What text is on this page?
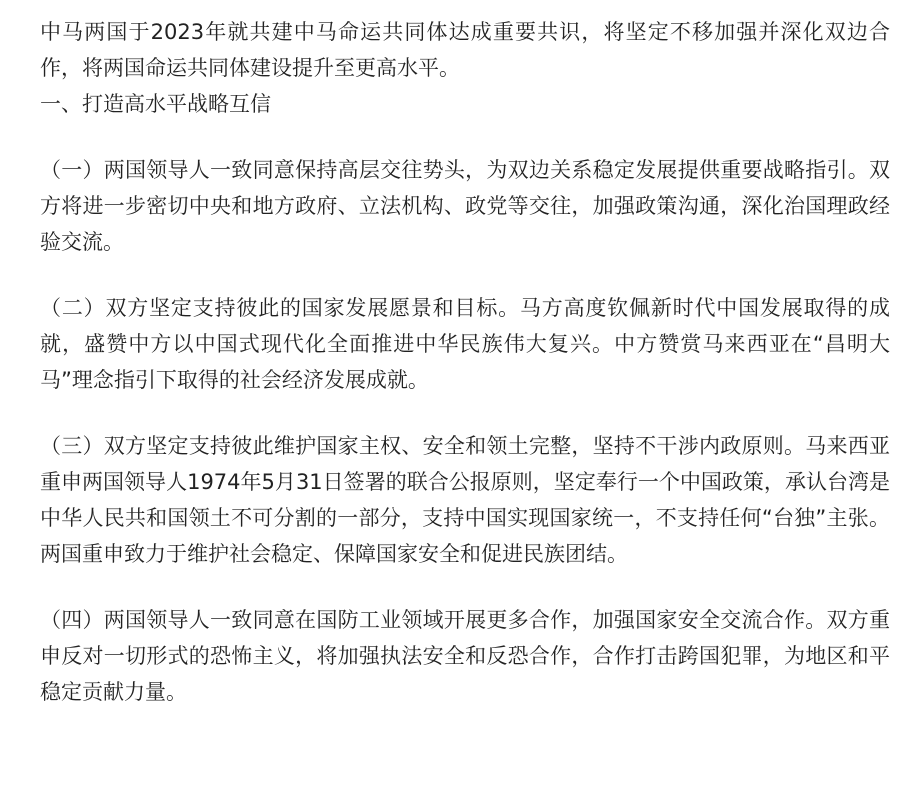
中马两国于2023年就共建中马命运共同体达成重要共识，将坚定不移加强并深化双边合作，将两国命运共同体建设提升至更高水平。

一、打造高水平战略互信

（一）两国领导人一致同意保持高层交往势头，为双边关系稳定发展提供重要战略指引。双方将进一步密切中央和地方政府、立法机构、政党等交往，加强政策沟通，深化治国理政经验交流。

（二）双方坚定支持彼此的国家发展愿景和目标。马方高度钦佩新时代中国发展取得的成就，盛赞中方以中国式现代化全面推进中华民族伟大复兴。中方赞赏马来西亚在“昌明大马”理念指引下取得的社会经济发展成就。

（三）双方坚定支持彼此维护国家主权、安全和领土完整，坚持不干涉内政原则。马来西亚重申两国领导人1974年5月31日签署的联合公报原则，坚定奉行一个中国政策，承认台湾是中华人民共和国领土不可分割的一部分，支持中国实现国家统一，不支持任何“台独”主张。两国重申致力于维护社会稳定、保障国家安全和促进民族团结。

（四）两国领导人一致同意在国防工业领域开展更多合作，加强国家安全交流合作。双方重申反对一切形式的恐怖主义，将加强执法安全和反恐合作，合作打击跨国犯罪，为地区和平稳定贡献力量。
